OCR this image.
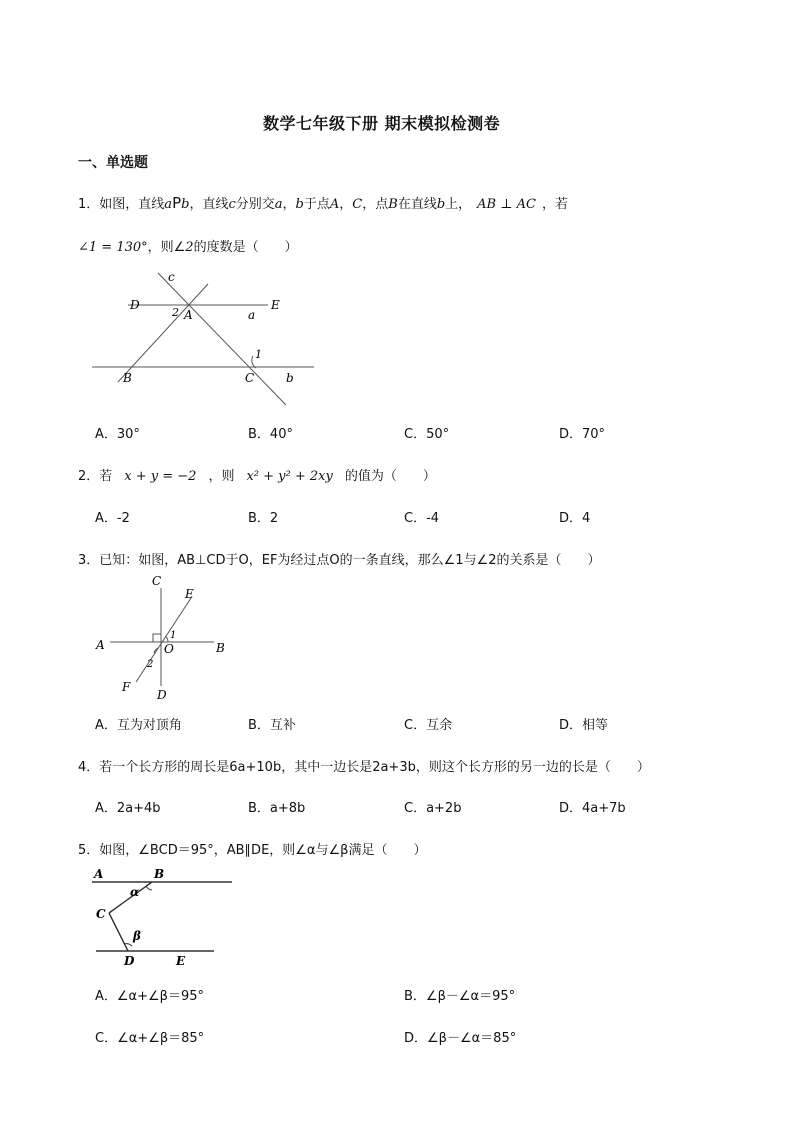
数学七年级下册 期末模拟检测卷
一、单选题
1．如图，直线aPb，直线c分别交a，b于点A，C，点B在直线b上， AB ⊥ AC ，若
∠1 = 130°，则∠2的度数是（　　）
c
D	E
2 A	a
1
B	C	b
A．30°	B．40°	C．50°	D．70°
2．若 x + y = −2 ，则 x² + y² + 2xy 的值为（　　）
A．-2	B．2	C．-4	D．4
3．已知：如图，AB⊥CD于O，EF为经过点O的一条直线，那么∠1与∠2的关系是（　　）
C
E
A
1
O	B
2
F
D
A．互为对顶角	B．互补	C．互余	D．相等
4．若一个长方形的周长是6a+10b，其中一边长是2a+3b，则这个长方形的另一边的长是（　　）
A．2a+4b	B．a+8b	C．a+2b	D．4a+7b
5．如图，∠BCD＝95°，AB∥DE，则∠α与∠β满足（　　）
A	B
α
C
β
D	E
A．∠α+∠β＝95°	B．∠β－∠α＝95°
C．∠α+∠β＝85°	D．∠β－∠α＝85°
